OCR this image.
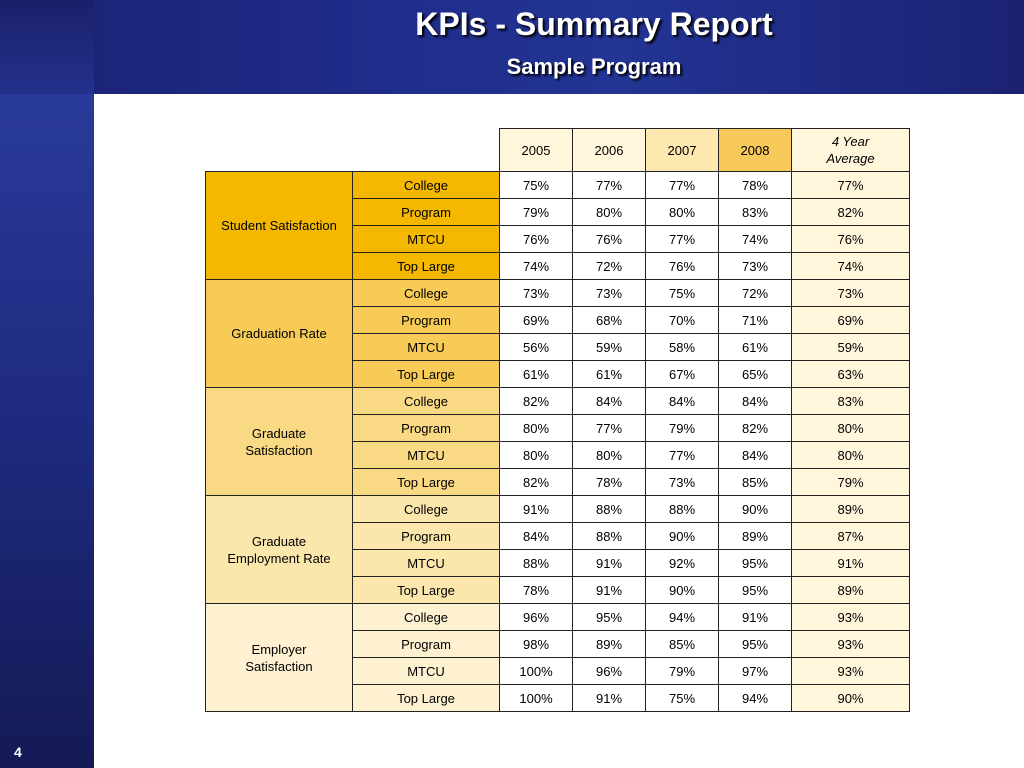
KPIs - Summary Report
Sample Program
4
		2005	2006	2007	2008	4 Year
Average
Student Satisfaction	College	75%	77%	77%	78%	77%
	Program	79%	80%	80%	83%	82%
	MTCU	76%	76%	77%	74%	76%
	Top Large	74%	72%	76%	73%	74%
Graduation Rate	College	73%	73%	75%	72%	73%
	Program	69%	68%	70%	71%	69%
	MTCU	56%	59%	58%	61%	59%
	Top Large	61%	61%	67%	65%	63%
Graduate
Satisfaction	College	82%	84%	84%	84%	83%
	Program	80%	77%	79%	82%	80%
	MTCU	80%	80%	77%	84%	80%
	Top Large	82%	78%	73%	85%	79%
Graduate
Employment Rate	College	91%	88%	88%	90%	89%
	Program	84%	88%	90%	89%	87%
	MTCU	88%	91%	92%	95%	91%
	Top Large	78%	91%	90%	95%	89%
Employer
Satisfaction	College	96%	95%	94%	91%	93%
	Program	98%	89%	85%	95%	93%
	MTCU	100%	96%	79%	97%	93%
	Top Large	100%	91%	75%	94%	90%
